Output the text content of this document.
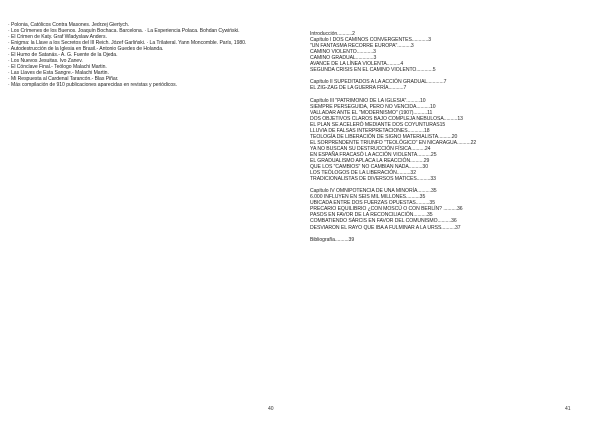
· Polonia, Católicos Contra Masones. Jedrzej Giertych.
· Los Crímenes de los Buenos. Joaquín Bochaca. Barcelona. · La Experiencia Polaca. Bohdan Cywiński.
· El Crimen de Katy. Graf Wladyslaw Anders.
· Enigma: la Llave a los Secretos del III Reich. Józef Garliński. · La Trilateral. Yann Moncomble. París, 1980.
· Autodestrucción de la Iglesia en Brasil.- Antonio Guedes de Holanda.
· El Humo de Satanás.- A. G. Fuente de la Ojeda.
· Los Nuevos Jesuitas. Ivo Zanev.
· El Cónclave Final.- Teólogo Malachi Martin.
· Las Llaves de Esta Sangre.- Malachi Martin.
· Mi Respuesta al Cardenal Tarancón.- Blas Piñar.
· Más compilación de 910 publicaciones aparecidas en revistas y periódicos.
40
Introducción...........2
Capítulo I DOS CAMINOS CONVERGENTES............3
"UN FANTASMA RECORRE EUROPA"..........3
CAMINO VIOLENTO............3
CAMINO GRADUAL.............3
AVANCE DE LA LÍNEA VIOLENTA..........4
SEGUNDA CRISIS EN EL CAMINO VIOLENTO............5
Capítulo II SUPEDITADOS A LA ACCIÓN GRADUAL............7
EL ZIG-ZAG DE LA GUERRA FRÍA...........7
Capítulo III "PATRIMONIO DE LA IGLESIA"..........10
SIEMPRE PERSEGUIDA, PERO NO VENCIDA..........10
VALLADAR ANTE EL "MODERNISMO" (1907)..........11
DOS OBJETIVOS CLAROS BAJO COMPLEJA NEBULOSA..........13
EL PLAN SE ACELERÓ MEDIANTE DOS COYUNTURAS15
LLUVIA DE FALSAS INTERPRETACIONES............18
TEOLOGÍA DE LIBERACIÓN DE SIGNO MATERIALISTA..........20
EL SORPRENDENTE TRIUNFO "TEOLÓGICO" EN NICARAGUA..........22
YA NO BUSCAN SU DESTRUCCIÓN FÍSICA..........24
EN ESPAÑA FRACASÓ LA ACCIÓN VIOLENTA..........25
EL GRADUALISMO APLACA LA REACCIÓN..........29
QUE LOS "CAMBIOS" NO CAMBIAN NADA..........30
LOS TEÓLOGOS DE LA LIBERACIÓN..........32
TRADICIONALISTAS DE DIVERSOS MATICES..........33
Capítulo IV OMNIPOTENCIA DE UNA MINORÍA..........35
6.000 INFLUYEN EN SEIS MIL MILLONES..........35
UBICADA ENTRE DOS FUERZAS OPUESTAS..........35
PRECARIO EQUILIBRIO ¿CON MOSCÚ O CON BERLÍN? ..........36
PASOS EN FAVOR DE LA RECONCILIACIÓN..........35
COMBATIENDO SÁRCIS EN FAVOR DEL COMUNISMO..........36
DESVIARON EL RAYO QUE IBA A FULMINAR A LA URSS..........37
Bibliografía..........39
41
